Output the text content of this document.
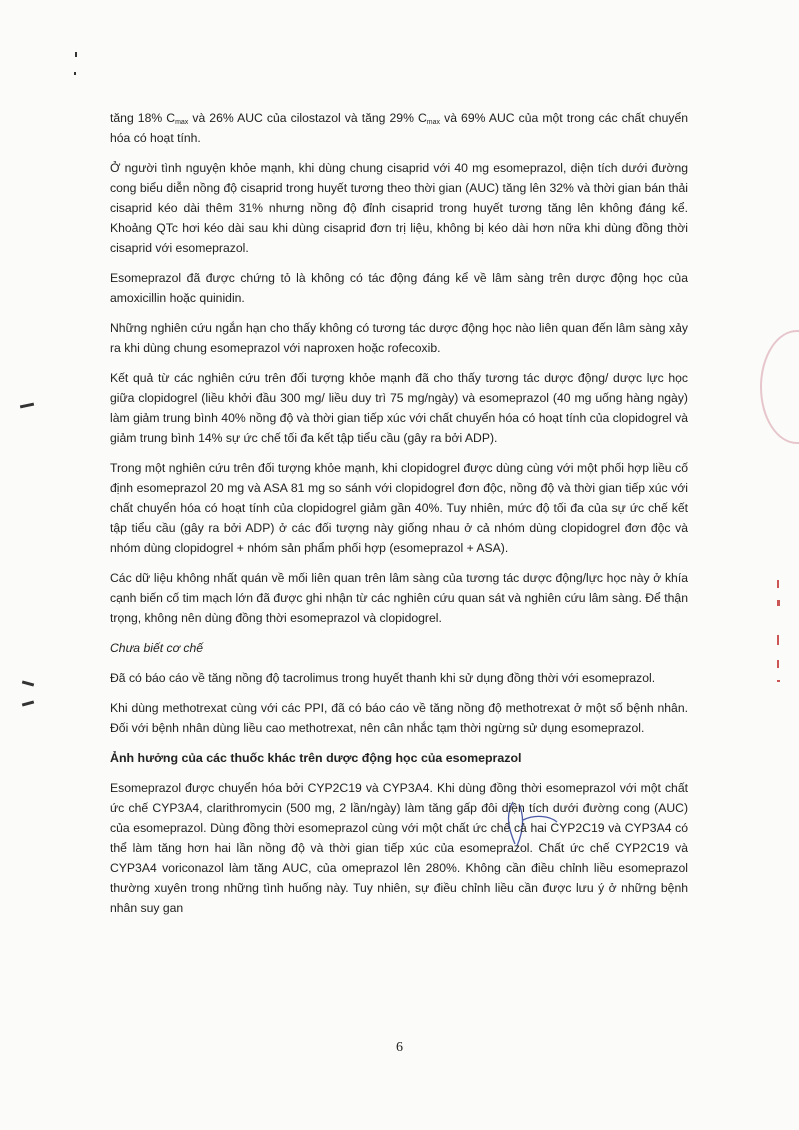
tăng 18% $C_{max}$ và 26% AUC của cilostazol và tăng 29% $C_{max}$ và 69% AUC của một trong các chất chuyển hóa có hoạt tính.

Ở người tình nguyện khỏe mạnh, khi dùng chung cisaprid với 40 mg esomeprazol, diện tích dưới đường cong biểu diễn nồng độ cisaprid trong huyết tương theo thời gian (AUC) tăng lên 32% và thời gian bán thải cisaprid kéo dài thêm 31% nhưng nồng độ đỉnh cisaprid trong huyết tương tăng lên không đáng kể. Khoảng QTc hơi kéo dài sau khi dùng cisaprid đơn trị liệu, không bị kéo dài hơn nữa khi dùng đồng thời cisaprid với esomeprazol.

Esomeprazol đã được chứng tỏ là không có tác động đáng kể về lâm sàng trên dược động học của amoxicillin hoặc quinidin.

Những nghiên cứu ngắn hạn cho thấy không có tương tác dược động học nào liên quan đến lâm sàng xảy ra khi dùng chung esomeprazol với naproxen hoặc rofecoxib.

Kết quả từ các nghiên cứu trên đối tượng khỏe mạnh đã cho thấy tương tác dược động/ dược lực học giữa clopidogrel (liều khởi đầu 300 mg/ liều duy trì 75 mg/ngày) và esomeprazol (40 mg uống hàng ngày) làm giảm trung bình 40% nồng độ và thời gian tiếp xúc với chất chuyển hóa có hoạt tính của clopidogrel và giảm trung bình 14% sự ức chế tối đa kết tập tiểu cầu (gây ra bởi ADP).

Trong một nghiên cứu trên đối tượng khỏe mạnh, khi clopidogrel được dùng cùng với một phối hợp liều cố định esomeprazol 20 mg và ASA 81 mg so sánh với clopidogrel đơn độc, nồng độ và thời gian tiếp xúc với chất chuyển hóa có hoạt tính của clopidogrel giảm gần 40%. Tuy nhiên, mức độ tối đa của sự ức chế kết tập tiểu cầu (gây ra bởi ADP) ở các đối tượng này giống nhau ở cả nhóm dùng clopidogrel đơn độc và nhóm dùng clopidogrel + nhóm sản phẩm phối hợp (esomeprazol + ASA).

Các dữ liệu không nhất quán về mối liên quan trên lâm sàng của tương tác dược động/lực học này ở khía cạnh biến cố tim mạch lớn đã được ghi nhận từ các nghiên cứu quan sát và nghiên cứu lâm sàng. Để thận trọng, không nên dùng đồng thời esomeprazol và clopidogrel.

Chưa biết cơ chế

Đã có báo cáo về tăng nồng độ tacrolimus trong huyết thanh khi sử dụng đồng thời với esomeprazol.

Khi dùng methotrexat cùng với các PPI, đã có báo cáo về tăng nồng độ methotrexat ở một số bệnh nhân. Đối với bệnh nhân dùng liều cao methotrexat, nên cân nhắc tạm thời ngừng sử dụng esomeprazol.

Ảnh hưởng của các thuốc khác trên dược động học của esomeprazol

Esomeprazol được chuyển hóa bởi CYP2C19 và CYP3A4. Khi dùng đồng thời esomeprazol với một chất ức chế CYP3A4, clarithromycin (500 mg, 2 lần/ngày) làm tăng gấp đôi diện tích dưới đường cong (AUC) của esomeprazol. Dùng đồng thời esomeprazol cùng với một chất ức chế cả hai CYP2C19 và CYP3A4 có thể làm tăng hơn hai lần nồng độ và thời gian tiếp xúc của esomeprazol. Chất ức chế CYP2C19 và CYP3A4 voriconazol làm tăng AUC, của omeprazol lên 280%. Không cần điều chỉnh liều esomeprazol thường xuyên trong những tình huống này. Tuy nhiên, sự điều chỉnh liều cần được lưu ý ở những bệnh nhân suy gan

6
